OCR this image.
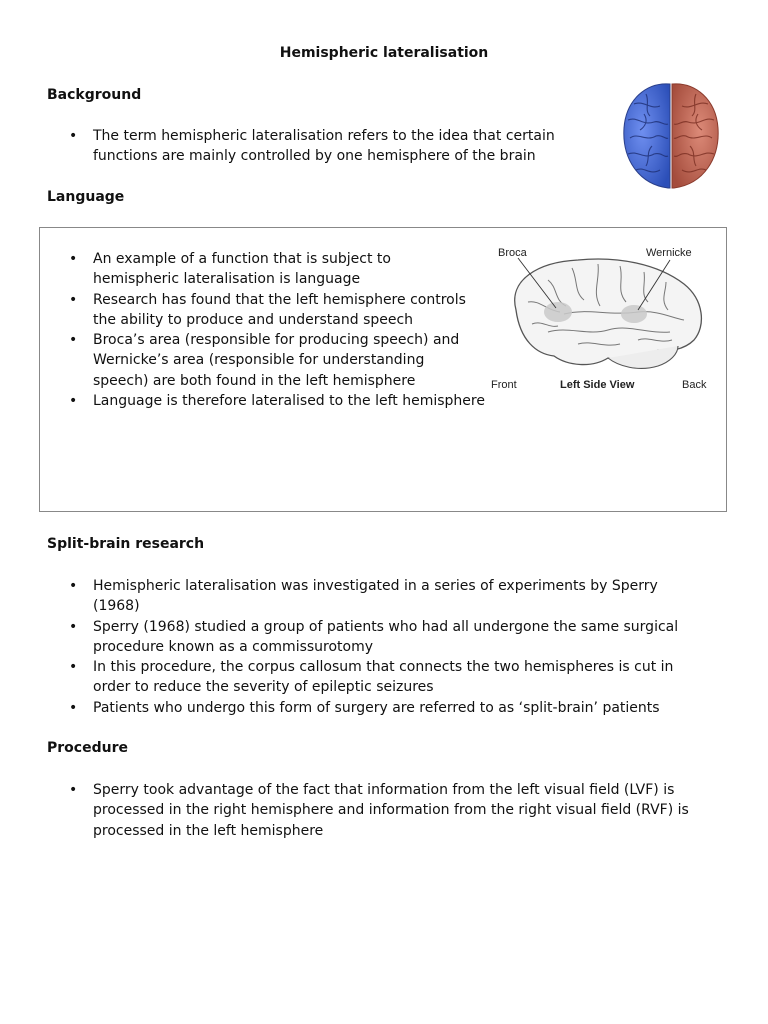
Hemispheric lateralisation
Background
• The term hemispheric lateralisation refers to the idea that certain functions are mainly controlled by one hemisphere of the brain
Language
• An example of a function that is subject to hemispheric lateralisation is language
• Research has found that the left hemisphere controls the ability to produce and understand speech
• Broca’s area (responsible for producing speech) and Wernicke’s area (responsible for understanding speech) are both found in the left hemisphere
• Language is therefore lateralised to the left hemisphere
Broca	Wernicke
Front	Left Side View	Back
Split-brain research
• Hemispheric lateralisation was investigated in a series of experiments by Sperry (1968)
• Sperry (1968) studied a group of patients who had all undergone the same surgical procedure known as a commissurotomy
• In this procedure, the corpus callosum that connects the two hemispheres is cut in order to reduce the severity of epileptic seizures
• Patients who undergo this form of surgery are referred to as ‘split-brain’ patients
Procedure
• Sperry took advantage of the fact that information from the left visual field (LVF) is processed in the right hemisphere and information from the right visual field (RVF) is processed in the left hemisphere
